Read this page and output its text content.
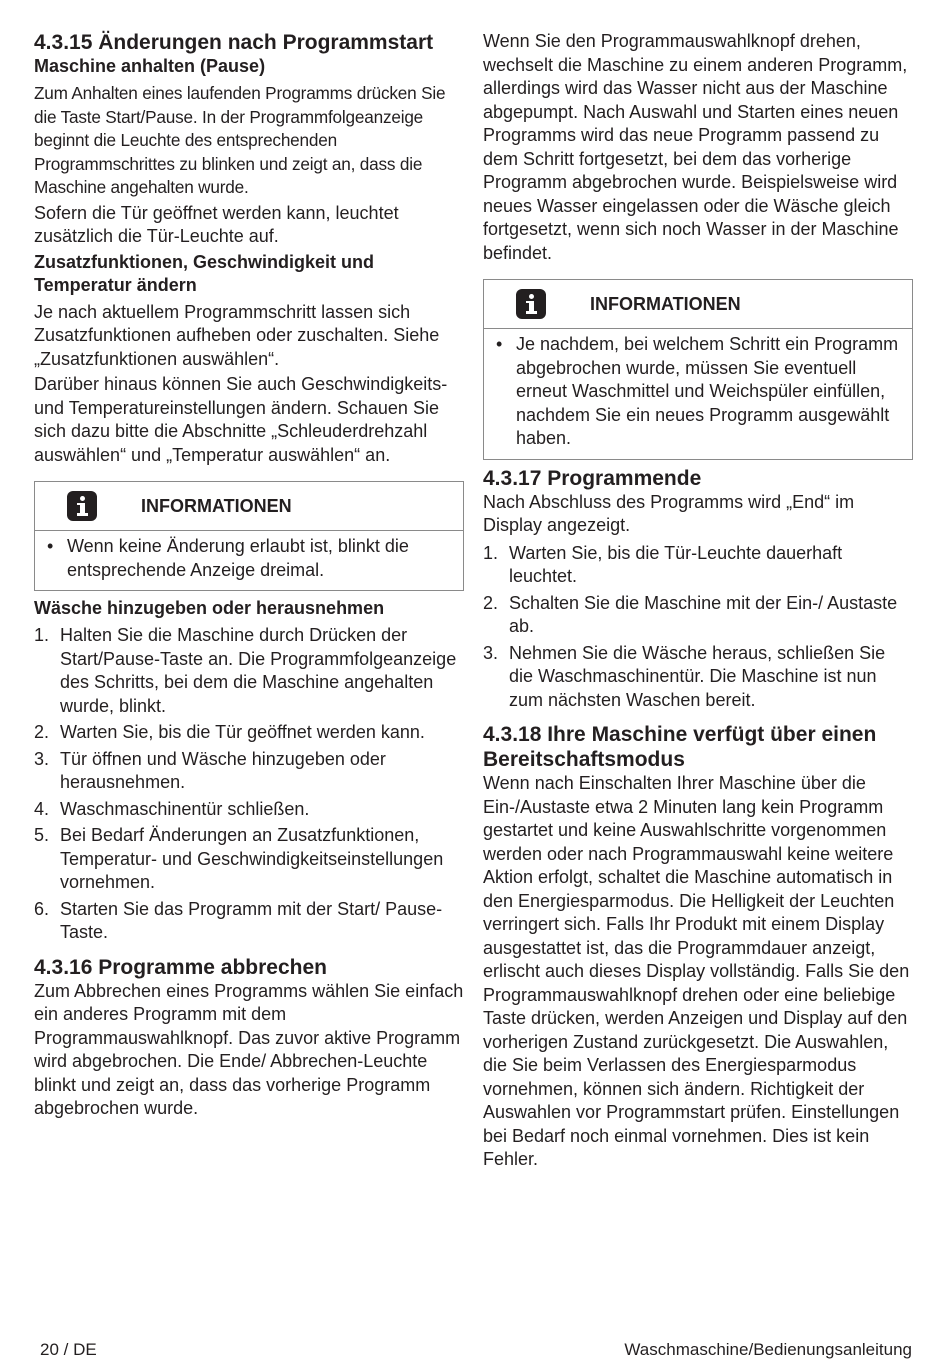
4.3.15 Änderungen nach Programmstart
Maschine anhalten (Pause)

Zum Anhalten eines laufenden Programms drücken Sie die Taste Start/Pause. In der Programmfolgeanzeige beginnt die Leuchte des entsprechenden Programmschrittes zu blinken und zeigt an, dass die Maschine angehalten wurde.

Sofern die Tür geöffnet werden kann, leuchtet zusätzlich die Tür-Leuchte auf.

Zusatzfunktionen, Geschwindigkeit und Temperatur ändern

Je nach aktuellem Programmschritt lassen sich Zusatzfunktionen aufheben oder zuschalten. Siehe „Zusatzfunktionen auswählen“.

Darüber hinaus können Sie auch Geschwindigkeits- und Temperatureinstellungen ändern. Schauen Sie sich dazu bitte die Abschnitte „Schleuderdrehzahl auswählen“ und „Temperatur auswählen“ an.

INFORMATIONEN
• Wenn keine Änderung erlaubt ist, blinkt die entsprechende Anzeige dreimal.
Wäsche hinzugeben oder herausnehmen
1. Halten Sie die Maschine durch Drücken der Start/Pause-Taste an. Die Programmfolgeanzeige des Schritts, bei dem die Maschine angehalten wurde, blinkt.
2. Warten Sie, bis die Tür geöffnet werden kann.
3. Tür öffnen und Wäsche hinzugeben oder herausnehmen.
4. Waschmaschinentür schließen.
5. Bei Bedarf Änderungen an Zusatzfunktionen, Temperatur- und Geschwindigkeitseinstellungen vornehmen.
6. Starten Sie das Programm mit der Start/ Pause-Taste.
4.3.16 Programme abbrechen

Zum Abbrechen eines Programms wählen Sie einfach ein anderes Programm mit dem Programmauswahlknopf. Das zuvor aktive Programm wird abgebrochen. Die Ende/ Abbrechen-Leuchte blinkt und zeigt an, dass das vorherige Programm abgebrochen wurde.

Wenn Sie den Programmauswahlknopf drehen, wechselt die Maschine zu einem anderen Programm, allerdings wird das Wasser nicht aus der Maschine abgepumpt. Nach Auswahl und Starten eines neuen Programms wird das neue Programm passend zu dem Schritt fortgesetzt, bei dem das vorherige Programm abgebrochen wurde. Beispielsweise wird neues Wasser eingelassen oder die Wäsche gleich fortgesetzt, wenn sich noch Wasser in der Maschine befindet.

INFORMATIONEN
• Je nachdem, bei welchem Schritt ein Programm abgebrochen wurde, müssen Sie eventuell erneut Waschmittel und Weichspüler einfüllen, nachdem Sie ein neues Programm ausgewählt haben.
4.3.17 Programmende

Nach Abschluss des Programms wird „End“ im Display angezeigt.

1. Warten Sie, bis die Tür-Leuchte dauerhaft leuchtet.
2. Schalten Sie die Maschine mit der Ein-/ Austaste ab.
3. Nehmen Sie die Wäsche heraus, schließen Sie die Waschmaschinentür. Die Maschine ist nun zum nächsten Waschen bereit.
4.3.18 Ihre Maschine verfügt über einen Bereitschaftsmodus

Wenn nach Einschalten Ihrer Maschine über die Ein-/Austaste etwa 2 Minuten lang kein Programm gestartet und keine Auswahlschritte vorgenommen werden oder nach Programmauswahl keine weitere Aktion erfolgt, schaltet die Maschine automatisch in den Energiesparmodus. Die Helligkeit der Leuchten verringert sich. Falls Ihr Produkt mit einem Display ausgestattet ist, das die Programmdauer anzeigt, erlischt auch dieses Display vollständig. Falls Sie den Programmauswahlknopf drehen oder eine beliebige Taste drücken, werden Anzeigen und Display auf den vorherigen Zustand zurückgesetzt. Die Auswahlen, die Sie beim Verlassen des Energiesparmodus vornehmen, können sich ändern. Richtigkeit der Auswahlen vor Programmstart prüfen. Einstellungen bei Bedarf noch einmal vornehmen. Dies ist kein Fehler.

20 / DE	Waschmaschine/Bedienungsanleitung
